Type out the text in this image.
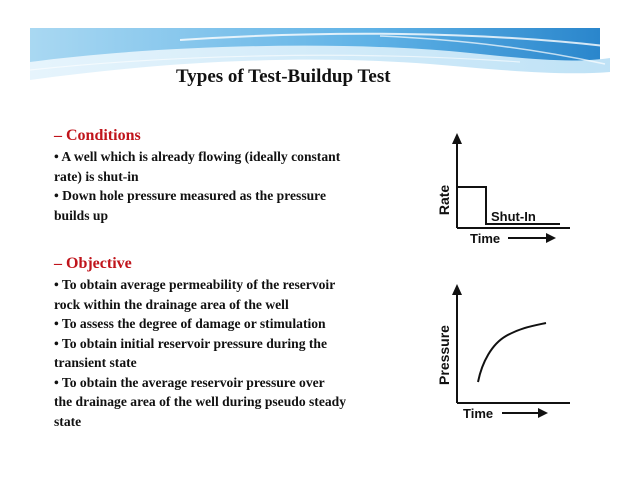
Types of Test-Buildup Test
– Conditions
• A well which is already flowing (ideally constant
rate) is shut-in
• Down hole pressure measured as the pressure
builds up
– Objective
• To obtain average permeability of the reservoir
rock within the drainage area of the well
• To assess the degree of damage or stimulation
• To obtain initial reservoir pressure during the
transient state
• To obtain the average reservoir pressure over
the drainage area of the well during pseudo steady
state
Rate
Shut-In
Time
Pressure
Time
